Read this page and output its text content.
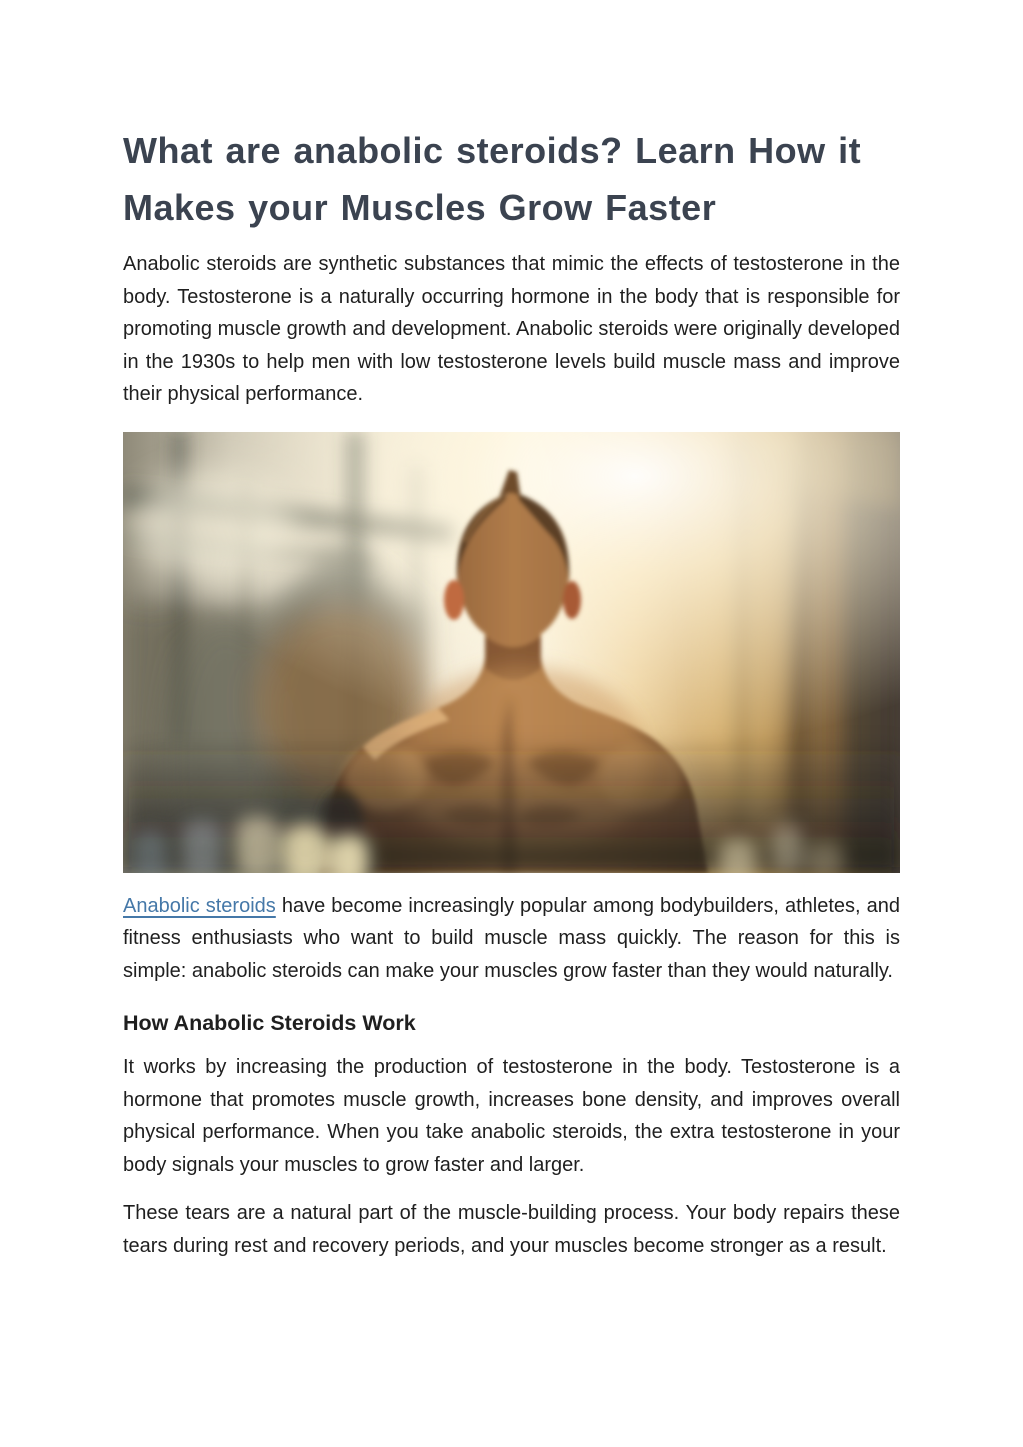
What are anabolic steroids? Learn How it Makes your Muscles Grow Faster

Anabolic steroids are synthetic substances that mimic the effects of testosterone in the body. Testosterone is a naturally occurring hormone in the body that is responsible for promoting muscle growth and development. Anabolic steroids were originally developed in the 1930s to help men with low testosterone levels build muscle mass and improve their physical performance.

Anabolic steroids have become increasingly popular among bodybuilders, athletes, and fitness enthusiasts who want to build muscle mass quickly. The reason for this is simple: anabolic steroids can make your muscles grow faster than they would naturally.

How Anabolic Steroids Work

It works by increasing the production of testosterone in the body. Testosterone is a hormone that promotes muscle growth, increases bone density, and improves overall physical performance. When you take anabolic steroids, the extra testosterone in your body signals your muscles to grow faster and larger.

These tears are a natural part of the muscle-building process. Your body repairs these tears during rest and recovery periods, and your muscles become stronger as a result.
